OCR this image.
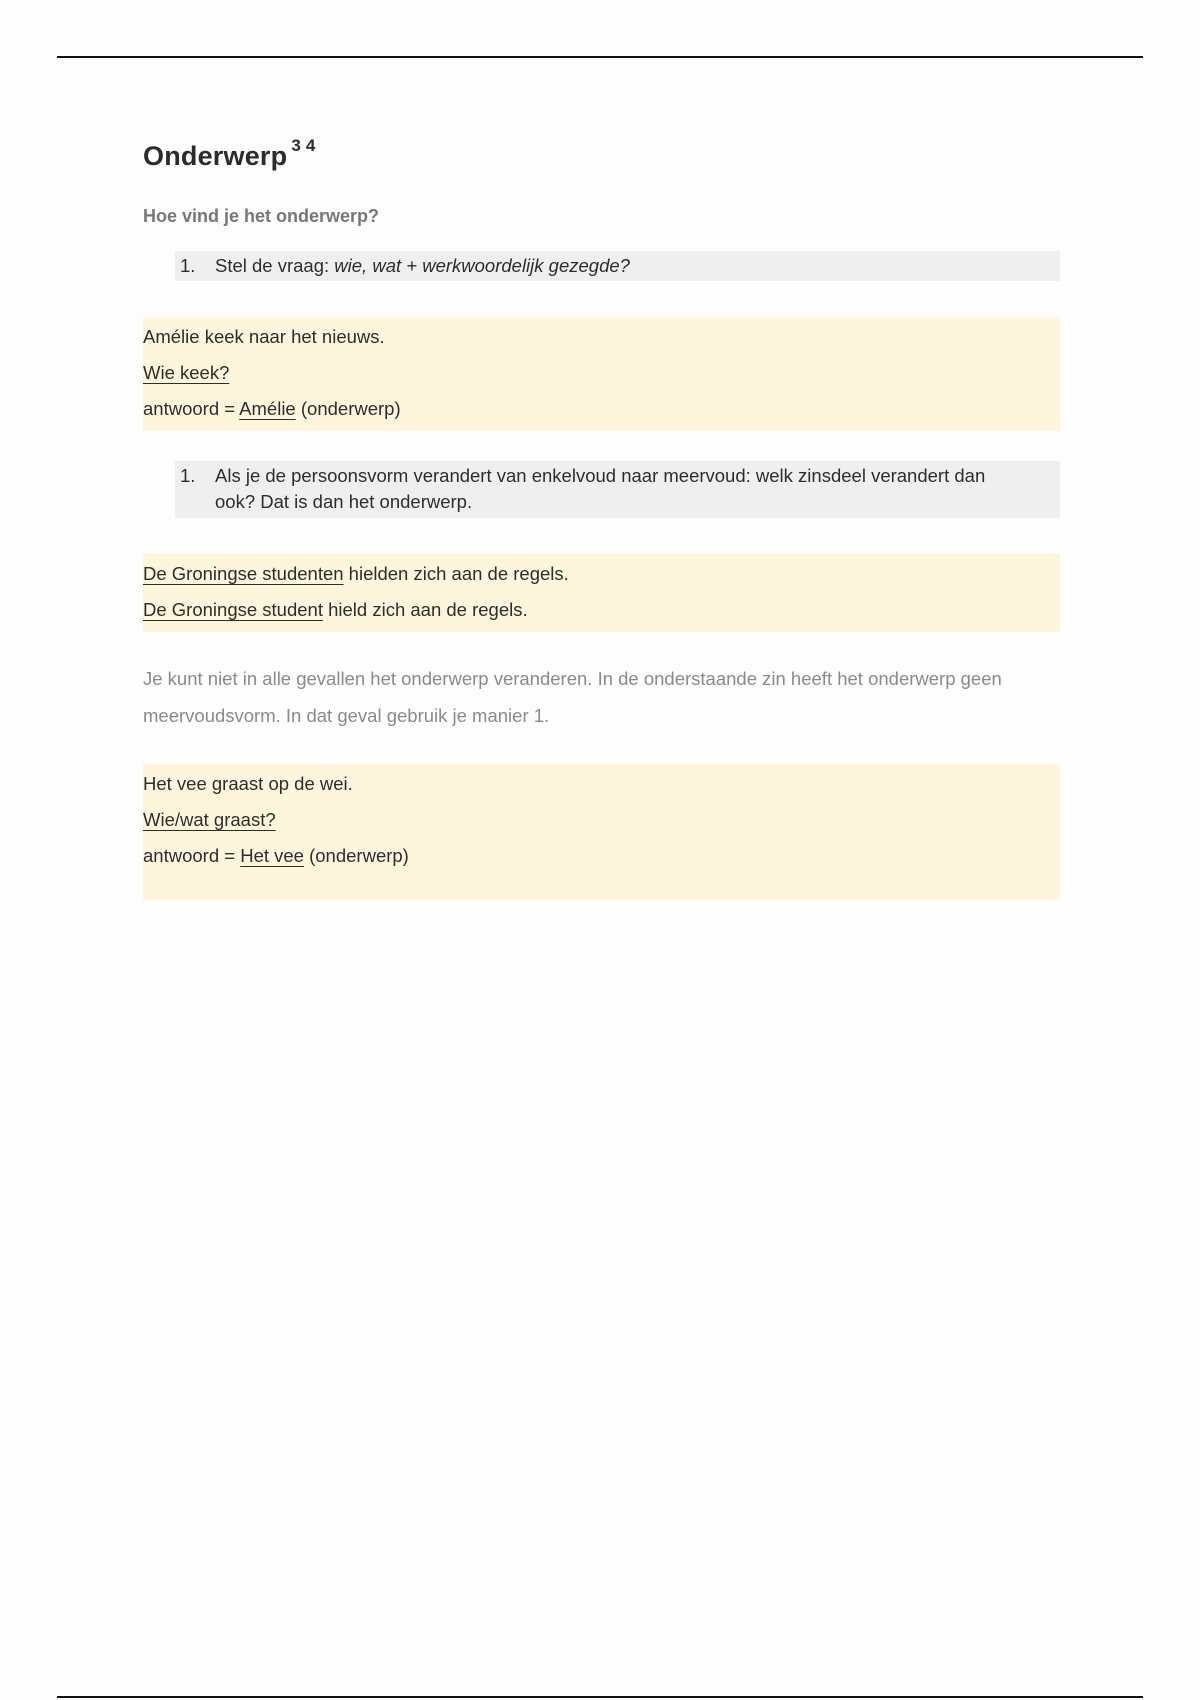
Onderwerp $^{3 4}$
Hoe vind je het onderwerp?
1.	Stel de vraag: wie, wat + werkwoordelijk gezegde?
Amélie keek naar het nieuws.
Wie keek?
antwoord = Amélie (onderwerp)
1.	Als je de persoonsvorm verandert van enkelvoud naar meervoud: welk zinsdeel verandert dan ook? Dat is dan het onderwerp.
De Groningse studenten hielden zich aan de regels.
De Groningse student hield zich aan de regels.
Je kunt niet in alle gevallen het onderwerp veranderen. In de onderstaande zin heeft het onderwerp geen meervoudsvorm. In dat geval gebruik je manier 1.
Het vee graast op de wei.
Wie/wat graast?
antwoord = Het vee (onderwerp)
